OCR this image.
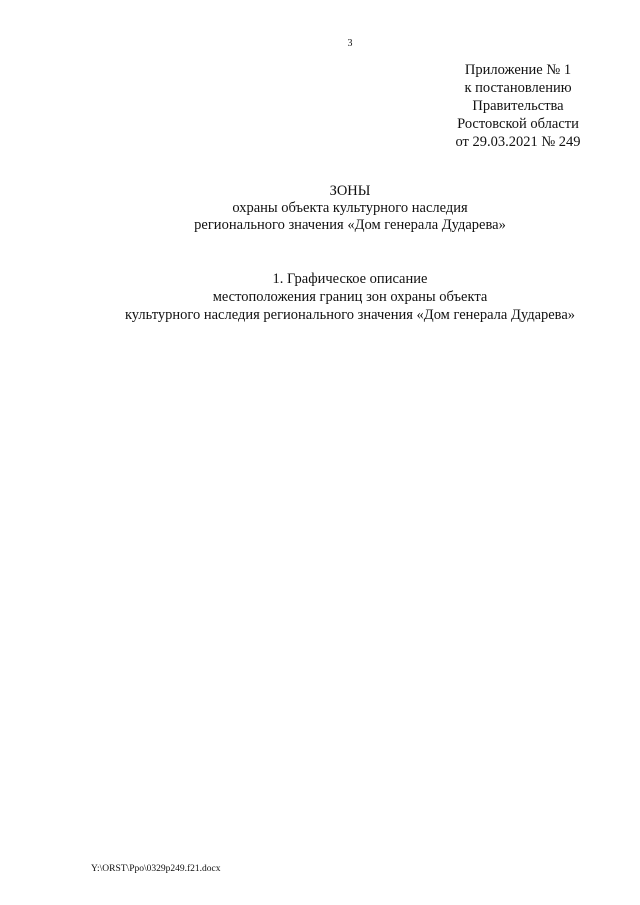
3
Приложение № 1
к постановлению
Правительства
Ростовской области
от 29.03.2021 № 249
ЗОНЫ
охраны объекта культурного наследия
регионального значения «Дом генерала Дударева»
1. Графическое описание
местоположения границ зон охраны объекта
культурного наследия регионального значения «Дом генерала Дударева»
Y:\ORST\Ppo\0329p249.f21.docx
